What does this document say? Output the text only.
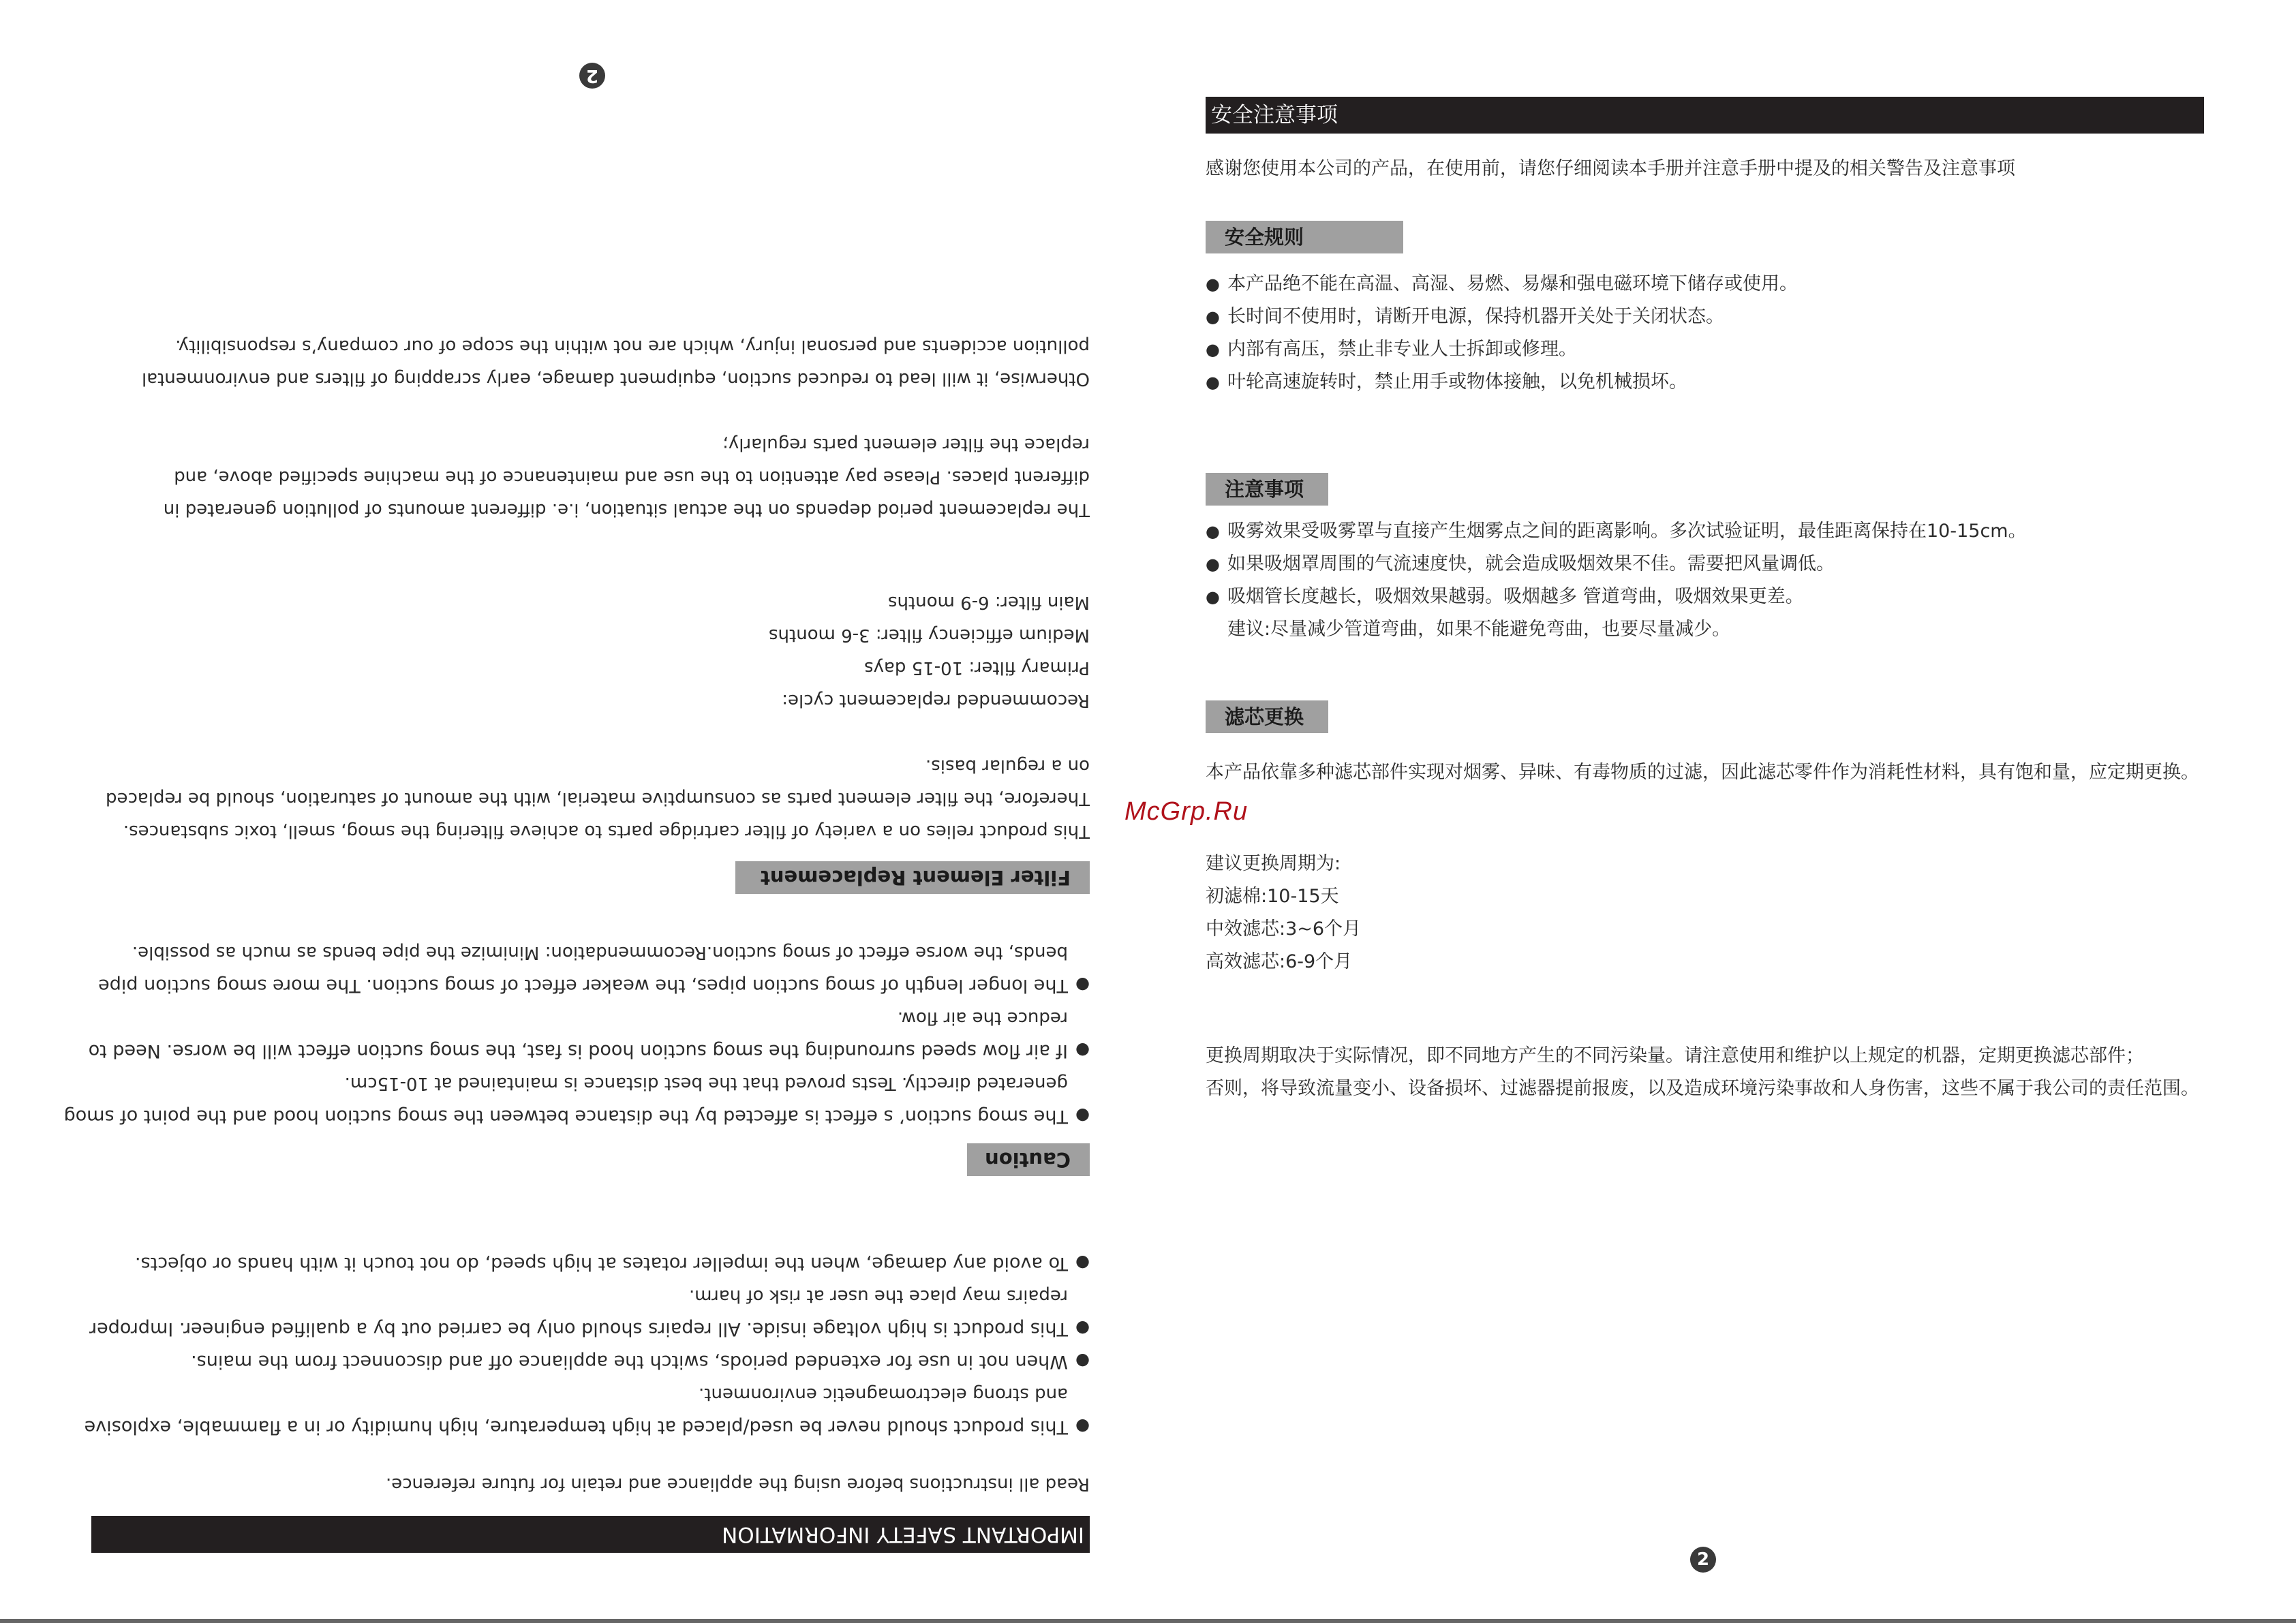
IMPORTANT SAFETY INFORMATION
Read all instructions before using the appliance and retain for future reference.
●This product should never be used/placed at high temperature, high humidity or in a flammable, explosive
and strong electromagnetic environment.
●When not in use for extended periods, switch the appliance off and disconnect from the mains.
●This product is high voltage inside. All repairs should only be carried out by a qualified engineer. Improper
repairs may place the user at risk of harm.
●To avoid any damage, when the impeller rotates at high speed, do not touch it with hands or objects.
Caution
●The smog suction’ s effect is affected by the distance between the smog suction hood and the point of smog
generated directly. Tests proved that the best distance is maintained at 10-15cm.
●If air flow speed surrounding the smog suction hood is fast, the smog suction effect will be worse. Need to
reduce the air flow.
●The longer length of smog suction pipes, the weaker effect of smog suction. The more smog suction pipe
bends, the worse effect of smog suction.Recommendation: Minimize the pipe bends as much as possible.
Filter Element Replacement
This product relies on a variety of filter cartridge parts to achieve filtering the smog, smell, toxic substances.
Therefore, the filter element parts as consumptive material, with the amount of saturation, should be replaced
on a regular basis.
Recommended replacement cycle:
Primary filter: 10-15 days
Medium efficiency filter: 3-6 months
Main filter: 6-9 months
The replacement period depends on the actual situation, i.e. different amounts of pollution generated in
different places. Please pay attention to the use and maintenance of the machine specified above, and
replace the filter element parts regularly;
Otherwise, it will lead to reduced suction, equipment damage, early scrapping of filters and environmental
pollution accidents and personal injury, which are not within the scope of our company’s responsibility.
2
安全注意事项
感谢您使用本公司的产品，在使用前，请您仔细阅读本手册并注意手册中提及的相关警告及注意事项
安全规则
●本产品绝不能在高温、高湿、易燃、易爆和强电磁环境下储存或使用。
●长时间不使用时，请断开电源，保持机器开关处于关闭状态。
●内部有高压，禁止非专业人士拆卸或修理。
●叶轮高速旋转时，禁止用手或物体接触，以免机械损坏。
注意事项
●吸雾效果受吸雾罩与直接产生烟雾点之间的距离影响。多次试验证明，最佳距离保持在10-15cm。
●如果吸烟罩周围的气流速度快，就会造成吸烟效果不佳。需要把风量调低。
●吸烟管长度越长，吸烟效果越弱。吸烟越多 管道弯曲，吸烟效果更差。
建议:尽量减少管道弯曲，如果不能避免弯曲，也要尽量减少。
滤芯更换
本产品依靠多种滤芯部件实现对烟雾、异味、有毒物质的过滤，因此滤芯零件作为消耗性材料，具有饱和量，应定期更换。
建议更换周期为:
初滤棉:10-15天
中效滤芯:3~6个月
高效滤芯:6-9个月
更换周期取决于实际情况，即不同地方产生的不同污染量。请注意使用和维护以上规定的机器，定期更换滤芯部件；
否则，将导致流量变小、设备损坏、过滤器提前报废，以及造成环境污染事故和人身伤害，这些不属于我公司的责任范围。
2
McGrp.Ru
